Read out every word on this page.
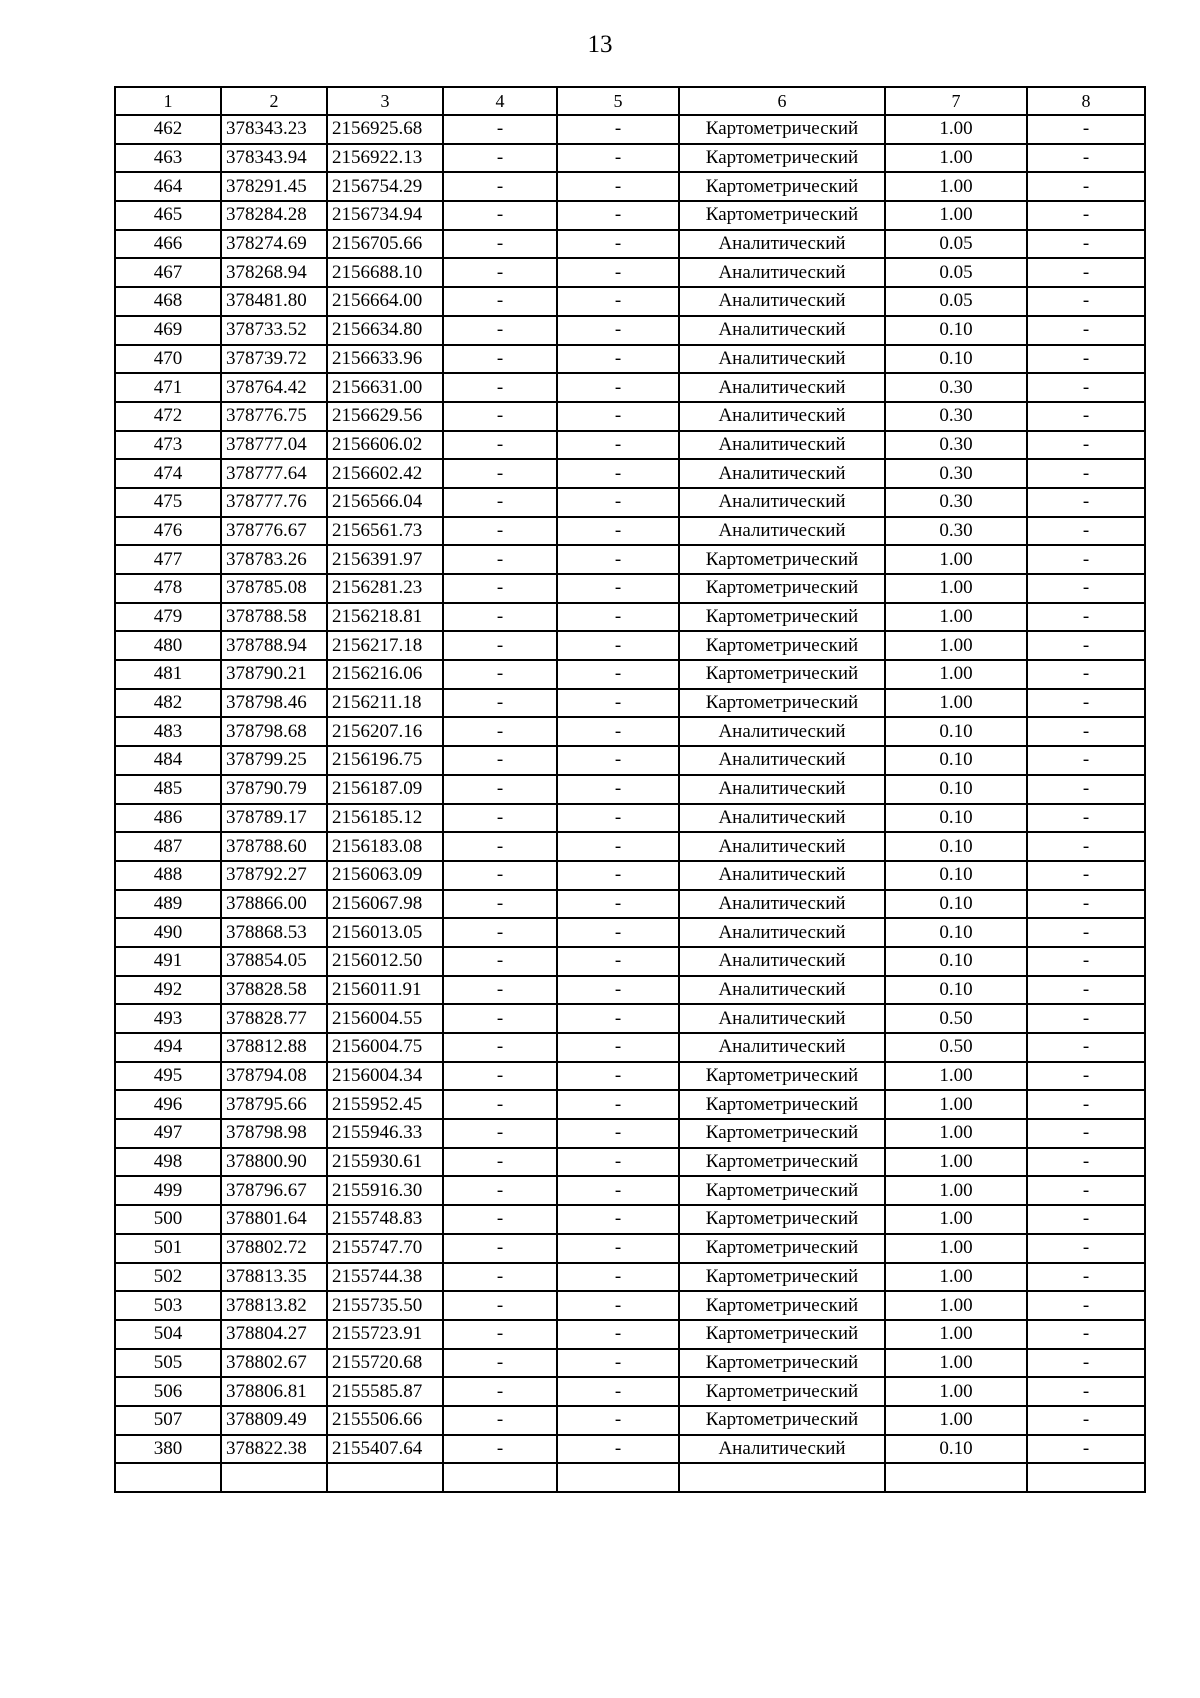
13
1	2	3	4	5	6	7	8
462	378343.23	2156925.68	-	-	Картометрический	1.00	-
463	378343.94	2156922.13	-	-	Картометрический	1.00	-
464	378291.45	2156754.29	-	-	Картометрический	1.00	-
465	378284.28	2156734.94	-	-	Картометрический	1.00	-
466	378274.69	2156705.66	-	-	Аналитический	0.05	-
467	378268.94	2156688.10	-	-	Аналитический	0.05	-
468	378481.80	2156664.00	-	-	Аналитический	0.05	-
469	378733.52	2156634.80	-	-	Аналитический	0.10	-
470	378739.72	2156633.96	-	-	Аналитический	0.10	-
471	378764.42	2156631.00	-	-	Аналитический	0.30	-
472	378776.75	2156629.56	-	-	Аналитический	0.30	-
473	378777.04	2156606.02	-	-	Аналитический	0.30	-
474	378777.64	2156602.42	-	-	Аналитический	0.30	-
475	378777.76	2156566.04	-	-	Аналитический	0.30	-
476	378776.67	2156561.73	-	-	Аналитический	0.30	-
477	378783.26	2156391.97	-	-	Картометрический	1.00	-
478	378785.08	2156281.23	-	-	Картометрический	1.00	-
479	378788.58	2156218.81	-	-	Картометрический	1.00	-
480	378788.94	2156217.18	-	-	Картометрический	1.00	-
481	378790.21	2156216.06	-	-	Картометрический	1.00	-
482	378798.46	2156211.18	-	-	Картометрический	1.00	-
483	378798.68	2156207.16	-	-	Аналитический	0.10	-
484	378799.25	2156196.75	-	-	Аналитический	0.10	-
485	378790.79	2156187.09	-	-	Аналитический	0.10	-
486	378789.17	2156185.12	-	-	Аналитический	0.10	-
487	378788.60	2156183.08	-	-	Аналитический	0.10	-
488	378792.27	2156063.09	-	-	Аналитический	0.10	-
489	378866.00	2156067.98	-	-	Аналитический	0.10	-
490	378868.53	2156013.05	-	-	Аналитический	0.10	-
491	378854.05	2156012.50	-	-	Аналитический	0.10	-
492	378828.58	2156011.91	-	-	Аналитический	0.10	-
493	378828.77	2156004.55	-	-	Аналитический	0.50	-
494	378812.88	2156004.75	-	-	Аналитический	0.50	-
495	378794.08	2156004.34	-	-	Картометрический	1.00	-
496	378795.66	2155952.45	-	-	Картометрический	1.00	-
497	378798.98	2155946.33	-	-	Картометрический	1.00	-
498	378800.90	2155930.61	-	-	Картометрический	1.00	-
499	378796.67	2155916.30	-	-	Картометрический	1.00	-
500	378801.64	2155748.83	-	-	Картометрический	1.00	-
501	378802.72	2155747.70	-	-	Картометрический	1.00	-
502	378813.35	2155744.38	-	-	Картометрический	1.00	-
503	378813.82	2155735.50	-	-	Картометрический	1.00	-
504	378804.27	2155723.91	-	-	Картометрический	1.00	-
505	378802.67	2155720.68	-	-	Картометрический	1.00	-
506	378806.81	2155585.87	-	-	Картометрический	1.00	-
507	378809.49	2155506.66	-	-	Картометрический	1.00	-
380	378822.38	2155407.64	-	-	Аналитический	0.10	-
